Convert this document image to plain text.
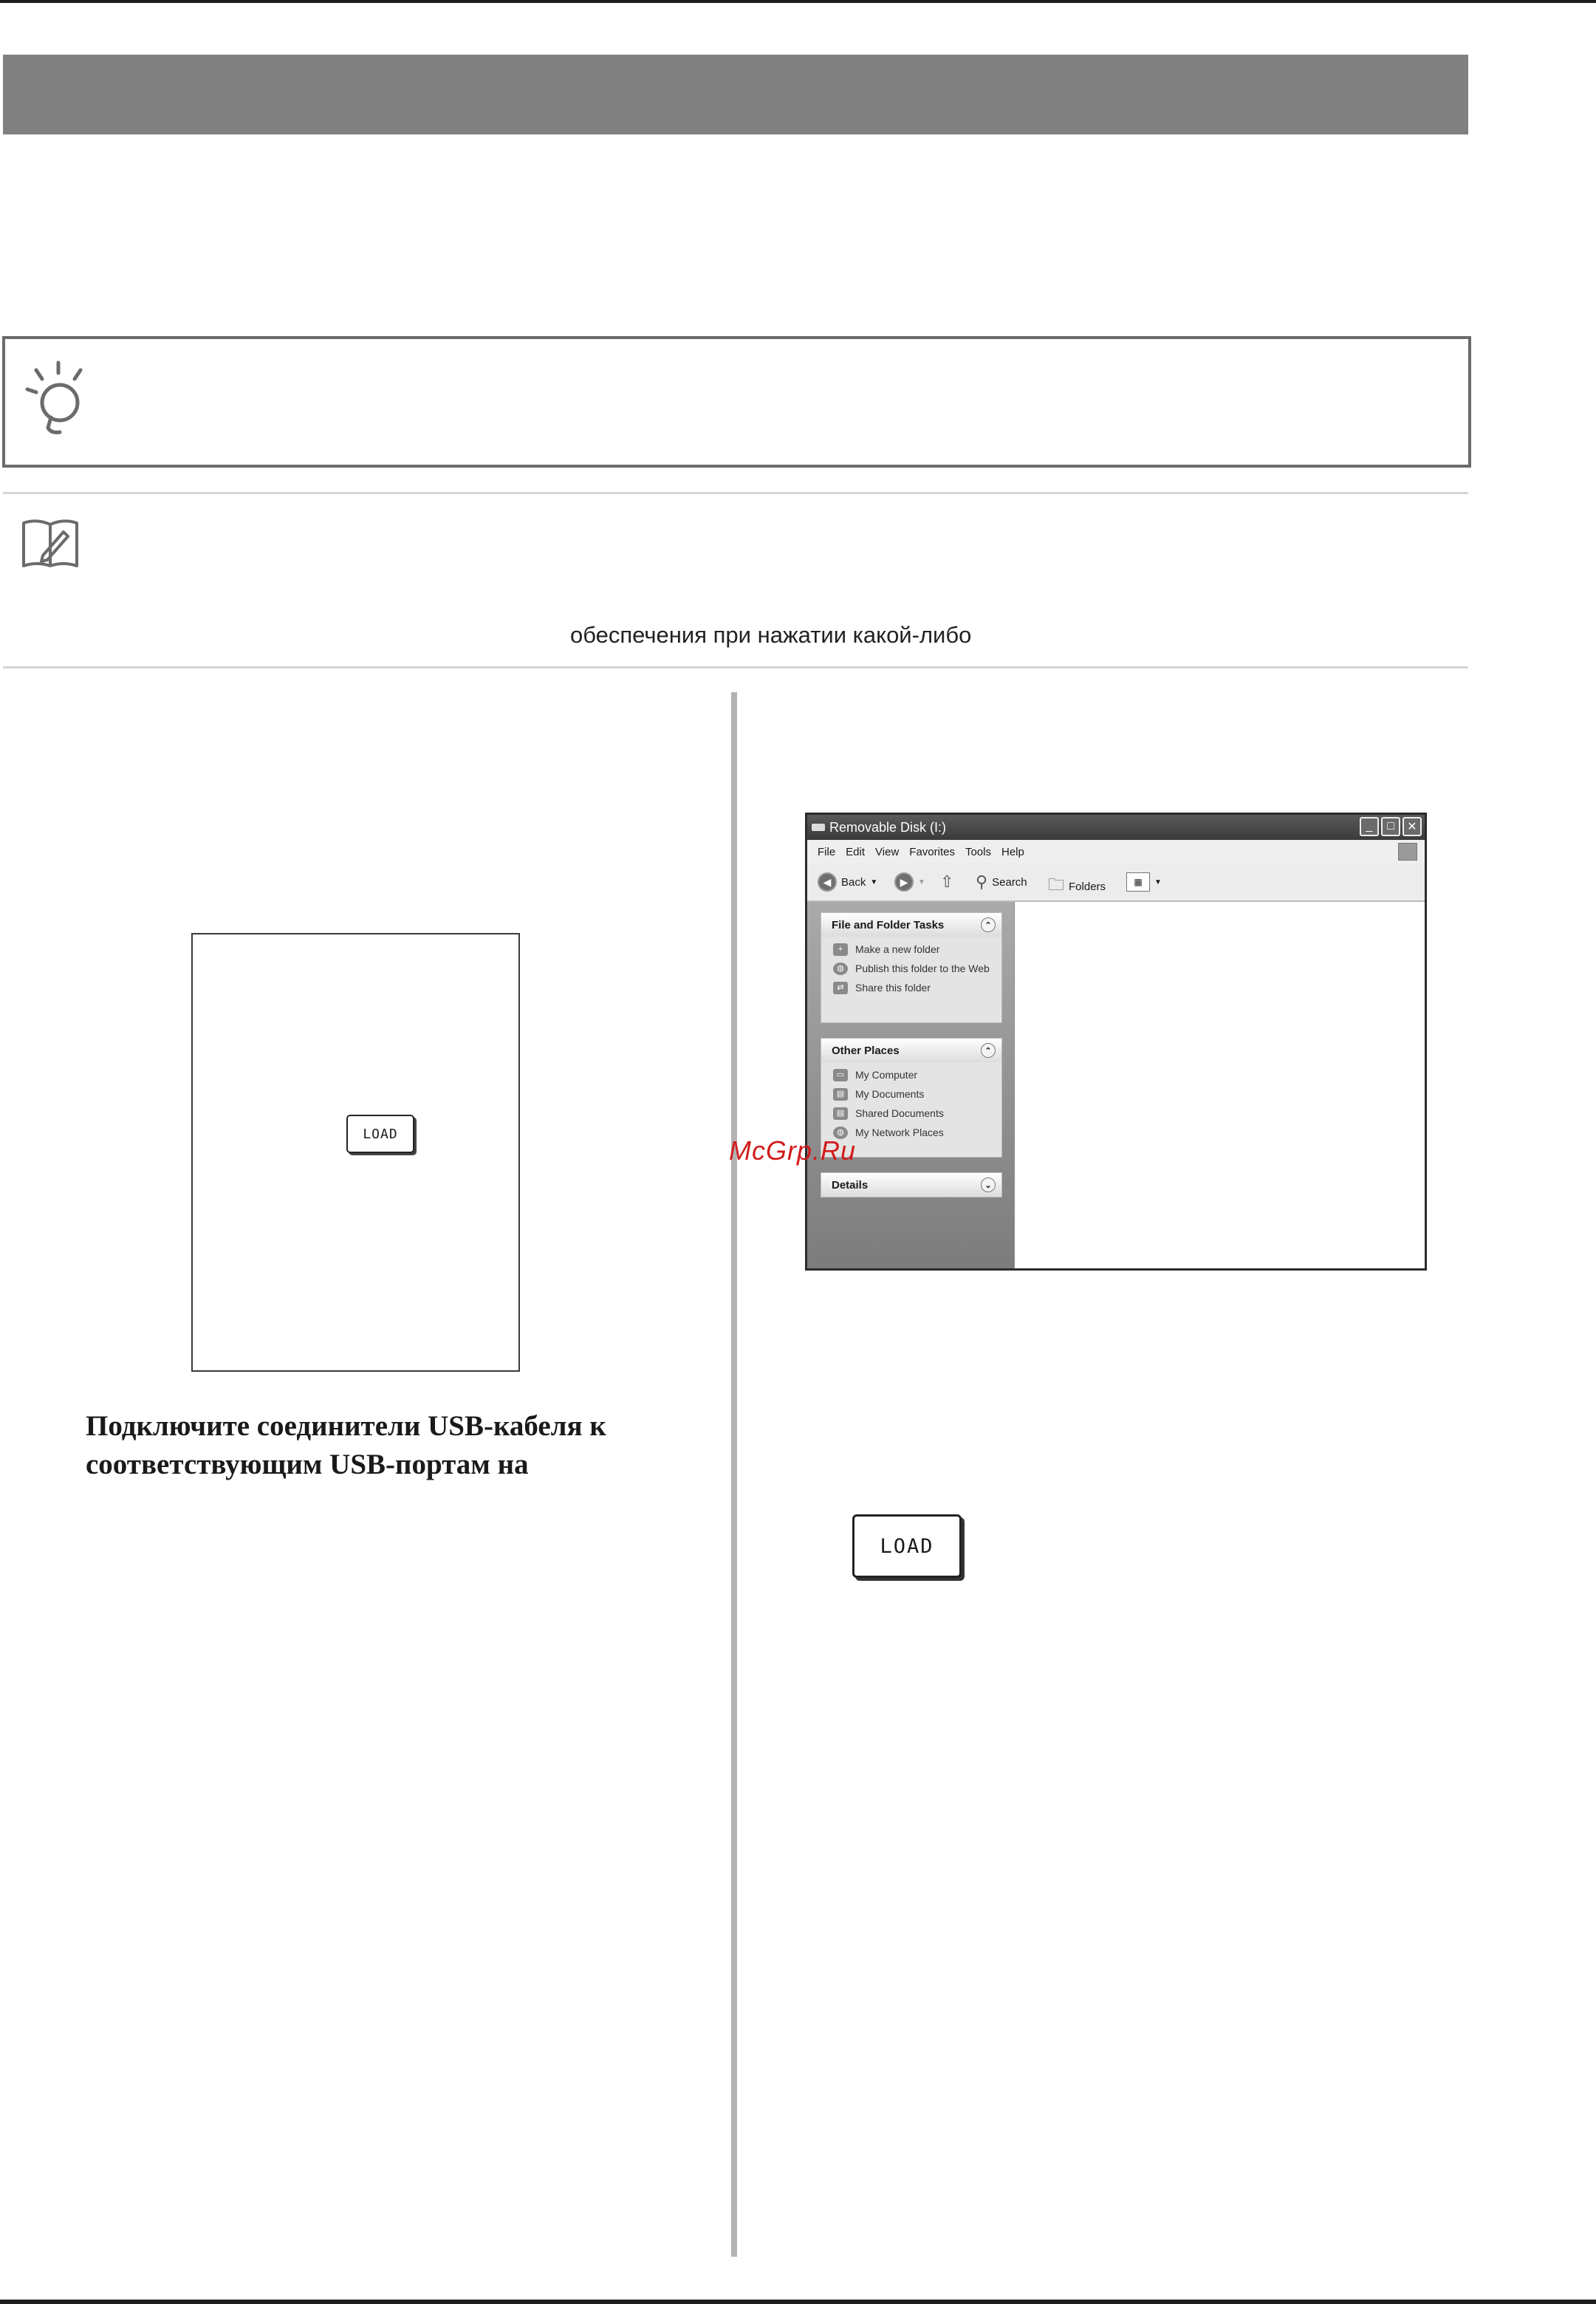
обеспечения при нажатии какой-либо
LOAD
Подключите соединители USB-кабеля к соответствующим USB-портам на
Removable Disk (I:)	_	□	✕
File Edit View Favorites Tools Help
◀ Back ▼	▶	▼ ⇧ ⚲ Search 🗀 Folders	▦	▼
File and Folder Tasks	⌃
+	Make a new folder
◍	Publish this folder to the Web
⇄	Share this folder
Other Places	⌃
▭	My Computer
▤	My Documents
▤	Shared Documents
◍	My Network Places
Details	⌄
McGrp.Ru
LOAD
